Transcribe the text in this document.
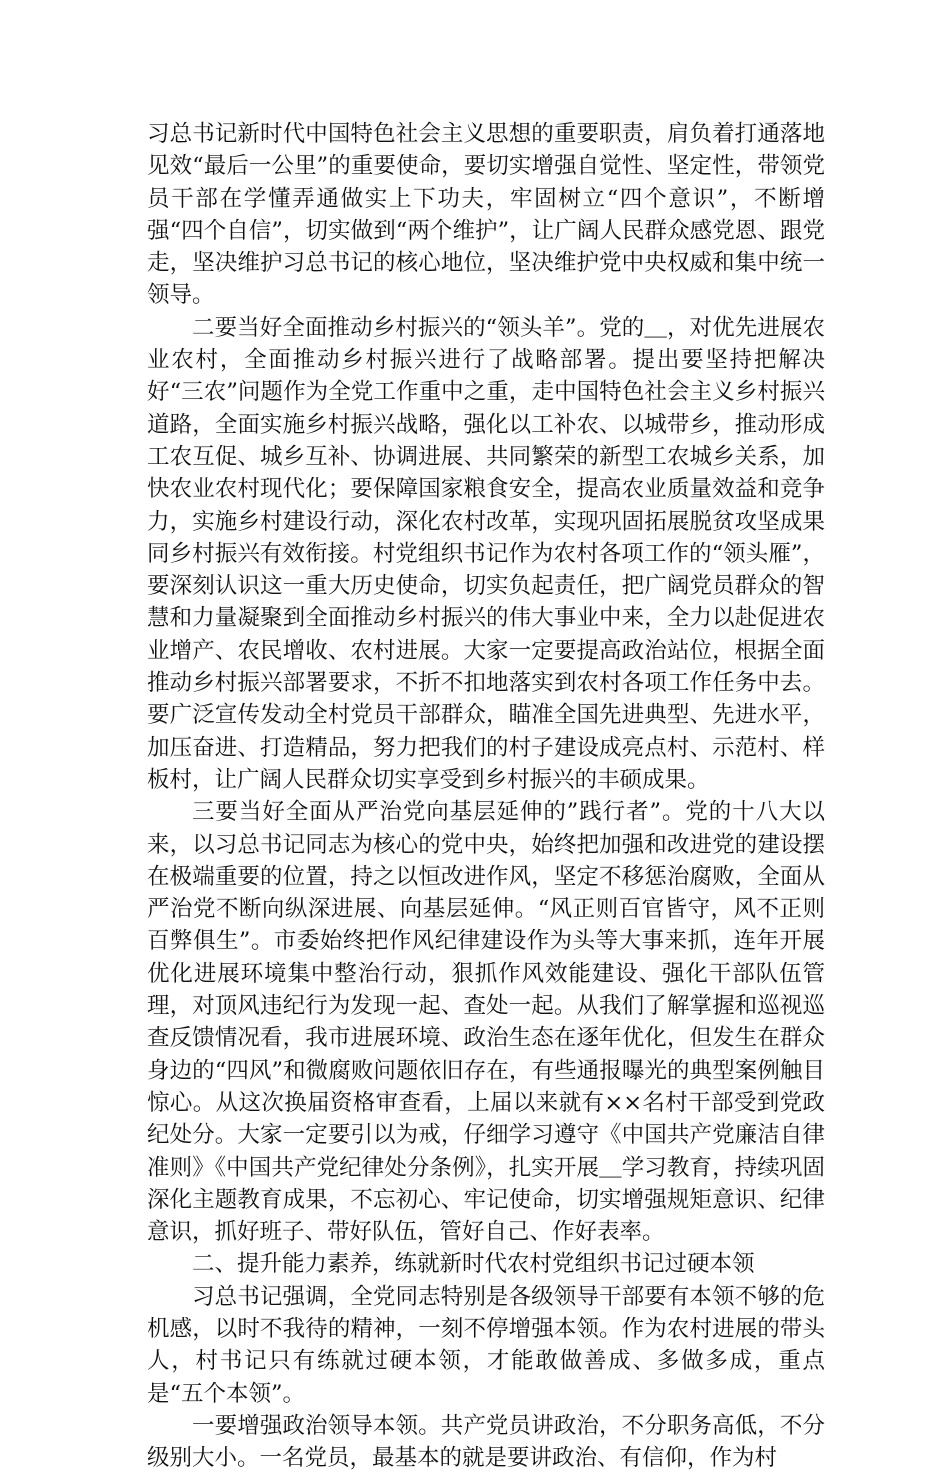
习总书记新时代中国特色社会主义思想的重要职责，肩负着打通落地见效“最后一公里”的重要使命，要切实增强自觉性、坚定性，带领党员干部在学懂弄通做实上下功夫，牢固树立“四个意识”，不断增强“四个自信”，切实做到“两个维护”，让广阔人民群众感党恩、跟党走，坚决维护习总书记的核心地位，坚决维护党中央权威和集中统一领导。

二要当好全面推动乡村振兴的“领头羊”。党的＿，对优先进展农业农村，全面推动乡村振兴进行了战略部署。提出要坚持把解决好“三农”问题作为全党工作重中之重，走中国特色社会主义乡村振兴道路，全面实施乡村振兴战略，强化以工补农、以城带乡，推动形成工农互促、城乡互补、协调进展、共同繁荣的新型工农城乡关系，加快农业农村现代化；要保障国家粮食安全，提高农业质量效益和竞争力，实施乡村建设行动，深化农村改革，实现巩固拓展脱贫攻坚成果同乡村振兴有效衔接。村党组织书记作为农村各项工作的“领头雁”，要深刻认识这一重大历史使命，切实负起责任，把广阔党员群众的智慧和力量凝聚到全面推动乡村振兴的伟大事业中来，全力以赴促进农业增产、农民增收、农村进展。大家一定要提高政治站位，根据全面推动乡村振兴部署要求，不折不扣地落实到农村各项工作任务中去。要广泛宣传发动全村党员干部群众，瞄准全国先进典型、先进水平，加压奋进、打造精品，努力把我们的村子建设成亮点村、示范村、样板村，让广阔人民群众切实享受到乡村振兴的丰硕成果。

三要当好全面从严治党向基层延伸的”践行者”。党的十八大以来，以习总书记同志为核心的党中央，始终把加强和改进党的建设摆在极端重要的位置，持之以恒改进作风，坚定不移惩治腐败，全面从严治党不断向纵深进展、向基层延伸。“风正则百官皆守，风不正则百弊俱生”。市委始终把作风纪律建设作为头等大事来抓，连年开展优化进展环境集中整治行动，狠抓作风效能建设、强化干部队伍管理，对顶风违纪行为发现一起、查处一起。从我们了解掌握和巡视巡查反馈情况看，我市进展环境、政治生态在逐年优化，但发生在群众身边的“四风”和微腐败问题依旧存在，有些通报曝光的典型案例触目惊心。从这次换届资格审查看，上届以来就有××名村干部受到党政纪处分。大家一定要引以为戒，仔细学习遵守《中国共产党廉洁自律准则》《中国共产党纪律处分条例》，扎实开展＿学习教育，持续巩固深化主题教育成果，不忘初心、牢记使命，切实增强规矩意识、纪律意识，抓好班子、带好队伍，管好自己、作好表率。

二、提升能力素养，练就新时代农村党组织书记过硬本领

习总书记强调，全党同志特别是各级领导干部要有本领不够的危机感，以时不我待的精神，一刻不停增强本领。作为农村进展的带头人，村书记只有练就过硬本领，才能敢做善成、多做多成，重点是“五个本领”。

一要增强政治领导本领。共产党员讲政治，不分职务高低，不分级别大小。一名党员，最基本的就是要讲政治、有信仰，作为村
